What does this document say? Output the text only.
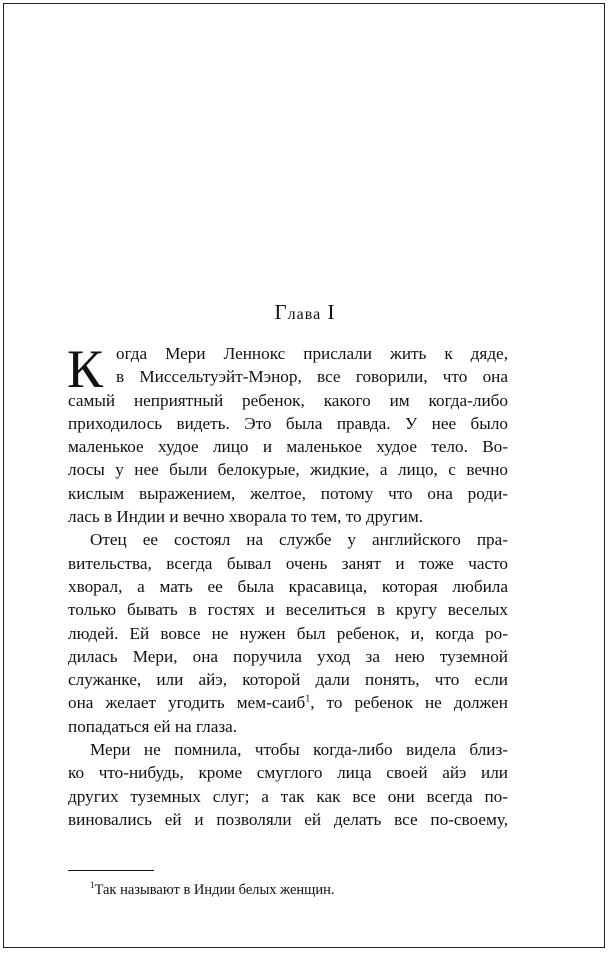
Глава I
К огда Мери Леннокс прислали жить к дяде,
в Миссельтуэйт-Мэнор, все говорили, что она
самый неприятный ребенок, какого им когда-либо
приходилось видеть. Это была правда. У нее было
маленькое худое лицо и маленькое худое тело. Во-
лосы у нее были белокурые, жидкие, а лицо, с вечно
кислым выражением, желтое, потому что она роди-
лась в Индии и вечно хворала то тем, то другим.
Отец ее состоял на службе у английского пра-
вительства, всегда бывал очень занят и тоже часто
хворал, а мать ее была красавица, которая любила
только бывать в гостях и веселиться в кругу веселых
людей. Ей вовсе не нужен был ребенок, и, когда ро-
дилась Мери, она поручила уход за нею туземной
служанке, или айэ, которой дали понять, что если
она желает угодить мем-саиб$^1$, то ребенок не должен
попадаться ей на глаза.
Мери не помнила, чтобы когда-либо видела близ-
ко что-нибудь, кроме смуглого лица своей айэ или
других туземных слуг; а так как все они всегда по-
виновались ей и позволяли ей делать все по-своему,
$^1$Так называют в Индии белых женщин.
